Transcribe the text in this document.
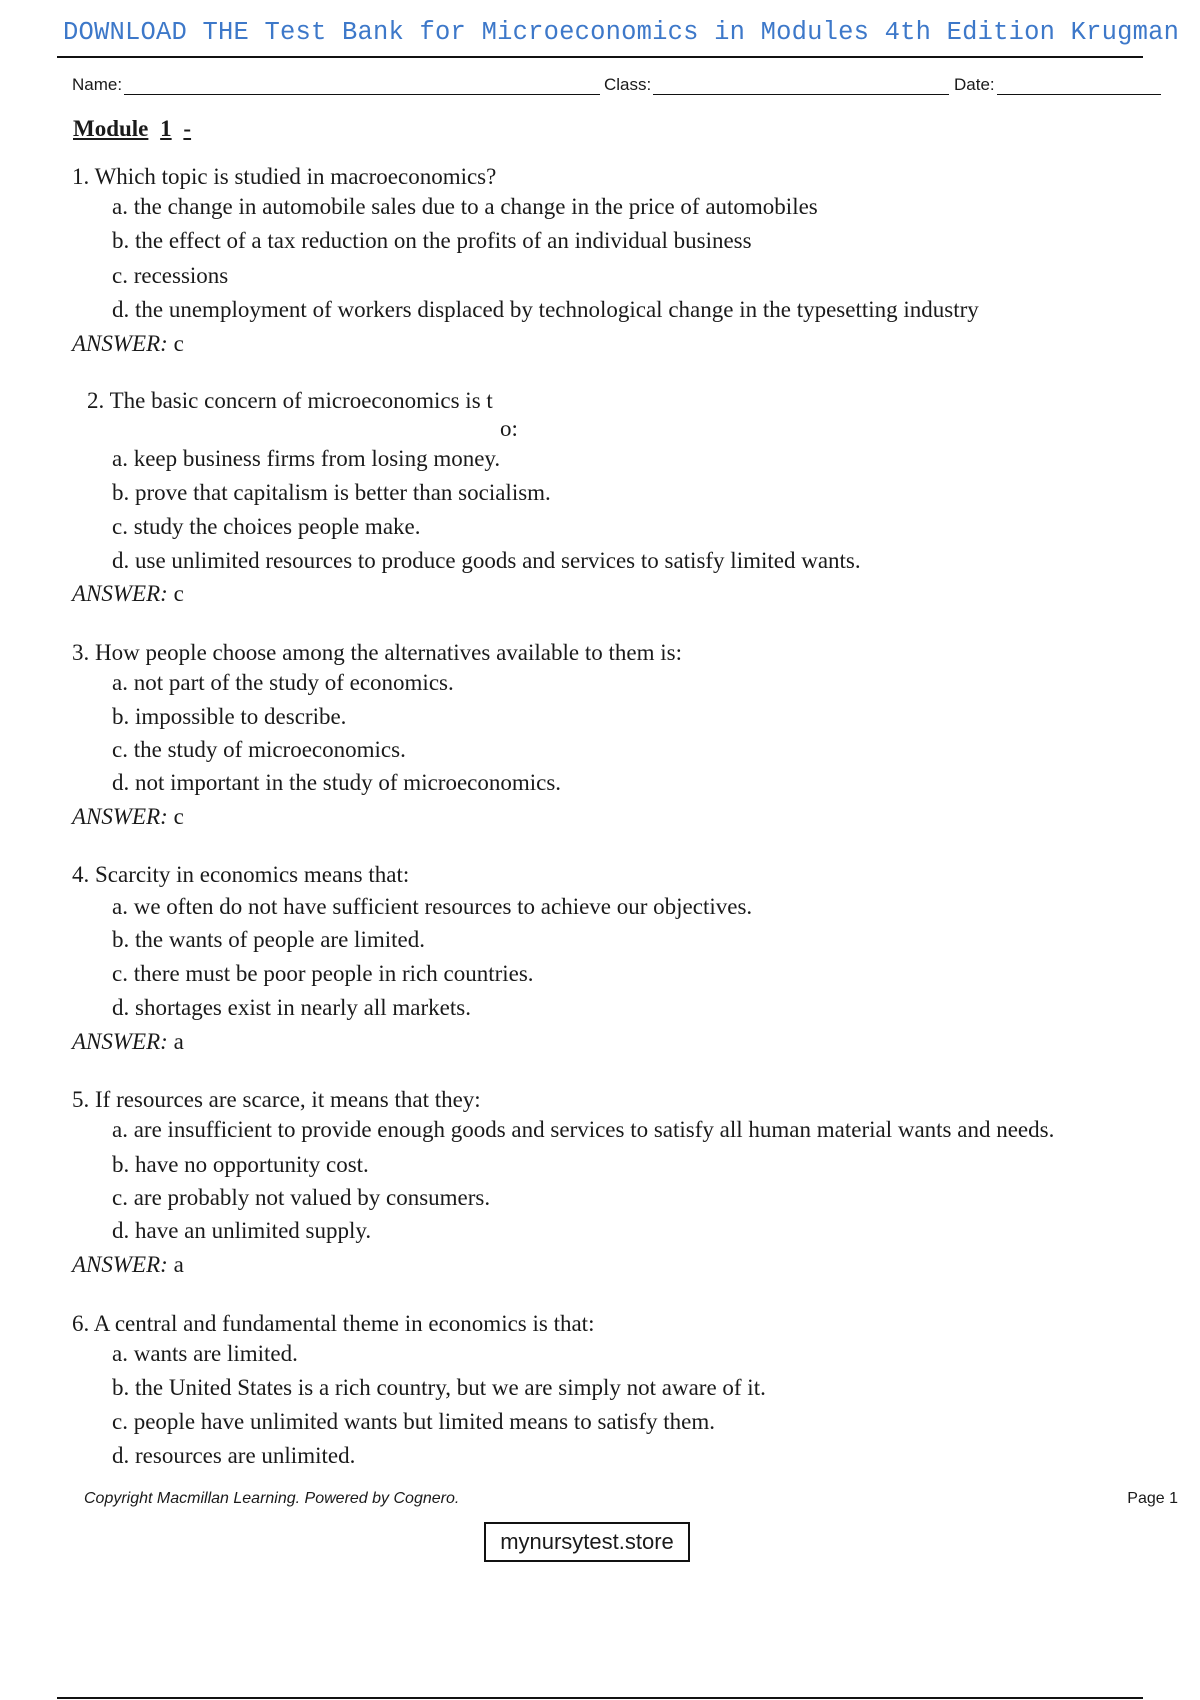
DOWNLOAD THE Test Bank for Microeconomics in Modules 4th Edition Krugman
Name:	Class:	Date:
Module 1 -
1. Which topic is studied in macroeconomics?
a. the change in automobile sales due to a change in the price of automobiles
b. the effect of a tax reduction on the profits of an individual business
c. recessions
d. the unemployment of workers displaced by technological change in the typesetting industry
ANSWER: c
2. The basic concern of microeconomics is t
o:
a. keep business firms from losing money.
b. prove that capitalism is better than socialism.
c. study the choices people make.
d. use unlimited resources to produce goods and services to satisfy limited wants.
ANSWER: c
3. How people choose among the alternatives available to them is:
a. not part of the study of economics.
b. impossible to describe.
c. the study of microeconomics.
d. not important in the study of microeconomics.
ANSWER: c
4. Scarcity in economics means that:
a. we often do not have sufficient resources to achieve our objectives.
b. the wants of people are limited.
c. there must be poor people in rich countries.
d. shortages exist in nearly all markets.
ANSWER: a
5. If resources are scarce, it means that they:
a. are insufficient to provide enough goods and services to satisfy all human material wants and needs.
b. have no opportunity cost.
c. are probably not valued by consumers.
d. have an unlimited supply.
ANSWER: a
6. A central and fundamental theme in economics is that:
a. wants are limited.
b. the United States is a rich country, but we are simply not aware of it.
c. people have unlimited wants but limited means to satisfy them.
d. resources are unlimited.
Copyright Macmillan Learning. Powered by Cognero.	Page 1
mynursytest.store
